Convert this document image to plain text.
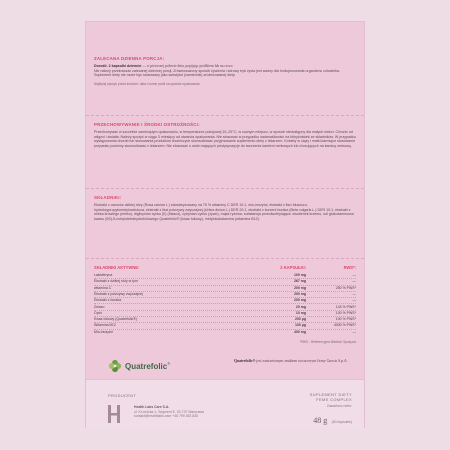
ZALECANA DZIENNA PORCJA:
Dorośli: 2 kapsułki dziennie — w pierwszej połowie dnia, popijając posiłkiem lub na czczo
Nie należy przekraczać zalecanej dziennej porcji. Zrównoważony sposób żywienia i zdrowy tryb życia jest ważny dla funkcjonowania organizmu człowieka. Suplement diety nie może być stosowany jako substytut (zamiennik) zróżnicowanej diety.
Najlepiej spożyć przed końcem: data i numer partii na spodzie opakowania.
PRZECHOWYWANIE I ŚRODKI OSTROŻNOŚCI:
Przechowywać w szczelnie zamkniętym opakowaniu, w temperaturze pokojowej 15–25°C, w suchym miejscu, w sposób niedostępny dla małych dzieci. Chronić od wilgoci i światła. Należy spożyć w ciągu 3 miesięcy od otwarcia opakowania. Nie stosować w przypadku nadwrażliwości na którykolwiek ze składników. W przypadku występowania chorób lub stosowania produktów leczniczych skonsultować przyjmowanie suplementu diety z lekarzem. Kobiety w ciąży i matki karmiące stosowanie preparatu powinny skonsultować z lekarzem. Nie stosować u osób mających predyspozycje do tworzenia kamieni nerkowych lub chorujących na kamicę nerkową.
SKŁADNIKI:
Ekstrakt z owoców dzikiej róży (Rosa canina L.) standaryzowany na 75 % witaminy C DER 10:1, mio-inozytol, ekstrakt z liści bluszczu, hydroksypropylometyloceluloza, ekstrakt z liści pokrzywy zwyczajnej (Urtica dioica L.) DER 20:1, ekstrakt z korzeni buraka (Beta vulgaris L.) DER 10:1, ekstrakt z mleka krowiego (mleko), diglicynian cynku (II) (bisaco), cytrynian cynku (żywo), mąka ryżowa, substancja przeciwzbrylająca: dwutlenek krzemu, sól glukozaminowa kwasu (6S)-5-metylotetrahydrofoliowego Quatrefolic® (kwas foliowy), metylokobalamina (witamina B12).
SKŁADNIKI AKTYWNE:	2 KAPSUŁKI:	RWS*:
Laktoferyna	100 mg	—
Ekstrakt z dzikiej róży w tym	267 mg	—
witamina C	200 mg	250 % PWS*
Ekstrakt z pokrzywy zwyczajnej	200 mg	—
Ekstrakt z buraka	200 mg	—
Żelazo	20 mg	143 % PWS*
Cynk	10 mg	100 % PWS*
Kwas foliowy (Quatrefolic®)	200 µg	100 % PWS*
Witamina B12	100 µg	4000 % PWS*
Mio-inozytol	400 mg	—
*PWS - Referencyjna Wartość Spożycia
Quatrefolic ®	Quatrefolic® jest zastrzeżonym znakiem towarowym firmy Gnosis S.p.A.
PRODUCENT
Health Labs Care S.A.
ul. Kr.mnicka 1, Segment E, 03-737 Warszawa
kontakt@healthlabs.care +48 799 353 835
SUPLEMENT DIETY
FEME COMPLEX
Zawartość netto:
48 g (60 kapsułek)
